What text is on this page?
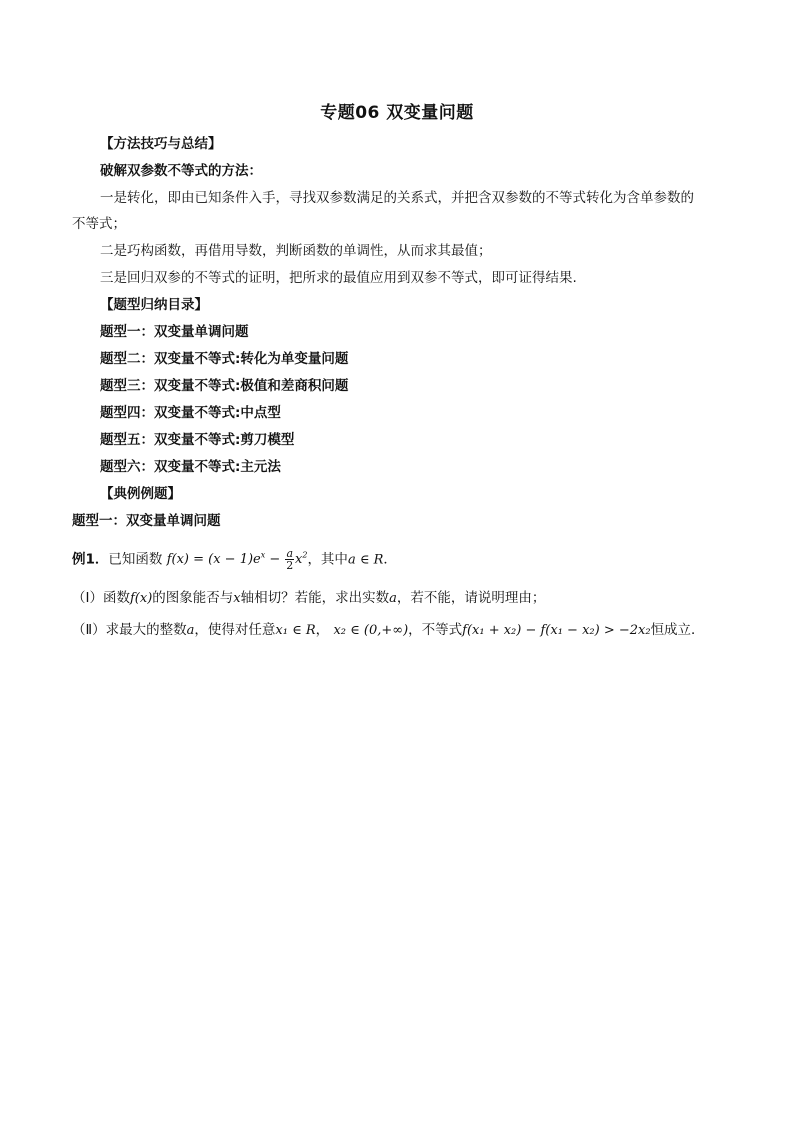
专题06 双变量问题
【方法技巧与总结】
破解双参数不等式的方法：
一是转化，即由已知条件入手，寻找双参数满足的关系式，并把含双参数的不等式转化为含单参数的
不等式；
二是巧构函数，再借用导数，判断函数的单调性，从而求其最值；
三是回归双参的不等式的证明，把所求的最值应用到双参不等式，即可证得结果.
【题型归纳目录】
题型一：双变量单调问题
题型二：双变量不等式:转化为单变量问题
题型三：双变量不等式:极值和差商积问题
题型四：双变量不等式:中点型
题型五：双变量不等式:剪刀模型
题型六：双变量不等式:主元法
【典例例题】
题型一：双变量单调问题
例1．已知函数 $f(x) = (x - 1)e^x - \frac{a}{2} x^2$，其中a ∈ R．
（Ⅰ）函数f(x)的图象能否与x轴相切？若能，求出实数a，若不能，请说明理由；
（Ⅱ）求最大的整数a，使得对任意x₁ ∈ R， x₂ ∈ (0,+∞)，不等式f(x₁ + x₂) − f(x₁ − x₂) > −2x₂恒成立．
